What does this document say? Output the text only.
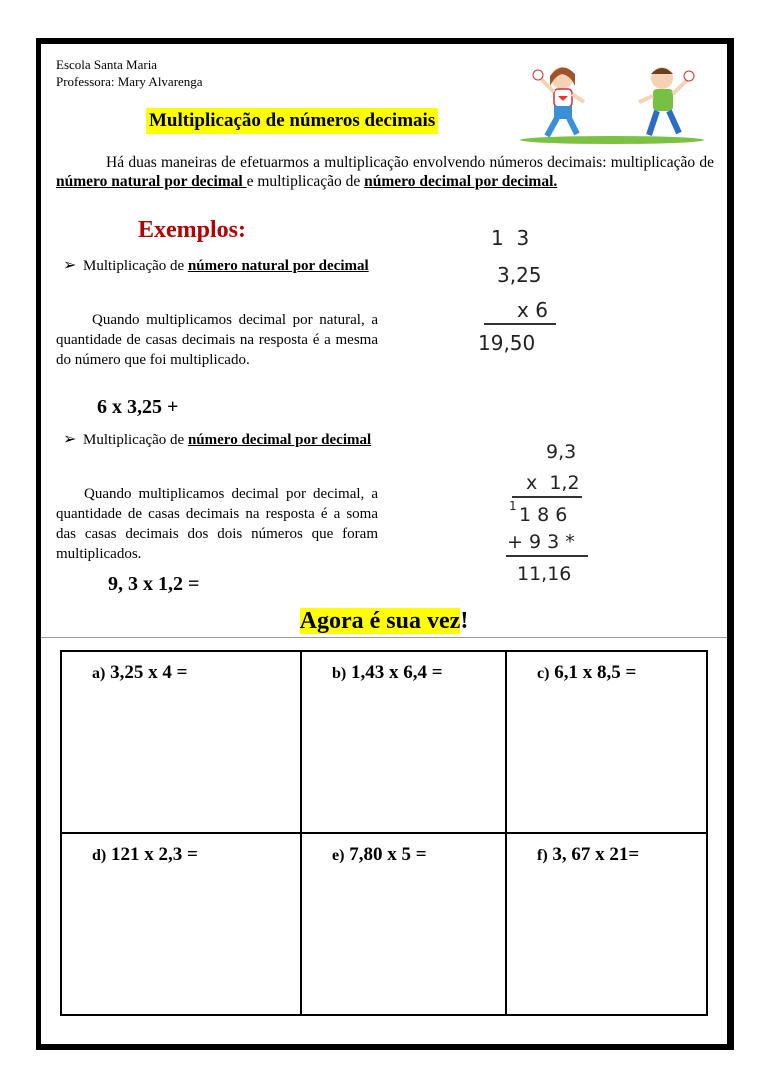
Escola Santa Maria
Professora: Mary Alvarenga
Multiplicação de números decimais
Há duas maneiras de efetuarmos a multiplicação envolvendo números decimais: multiplicação de número natural por decimal e multiplicação de número decimal por decimal.
Exemplos:
➢ Multiplicação de número natural por decimal
Quando multiplicamos decimal por natural, a quantidade de casas decimais na resposta é a mesma do número que foi multiplicado.
6 x 3,25 +
1  3
3,25
x 6
19,50
➢ Multiplicação de número decimal por decimal
Quando multiplicamos decimal por decimal, a quantidade de casas decimais na resposta é a soma das casas decimais dos dois números que foram multiplicados.
9, 3 x 1,2 =
9,3
x  1,2
1 1 8 6
+ 9 3 *
11,16
Agora é sua vez!
a) 3,25 x 4 =	b) 1,43 x 6,4 =	c) 6,1 x 8,5 =
d) 121 x 2,3 =	e) 7,80 x 5 =	f) 3, 67 x 21=
